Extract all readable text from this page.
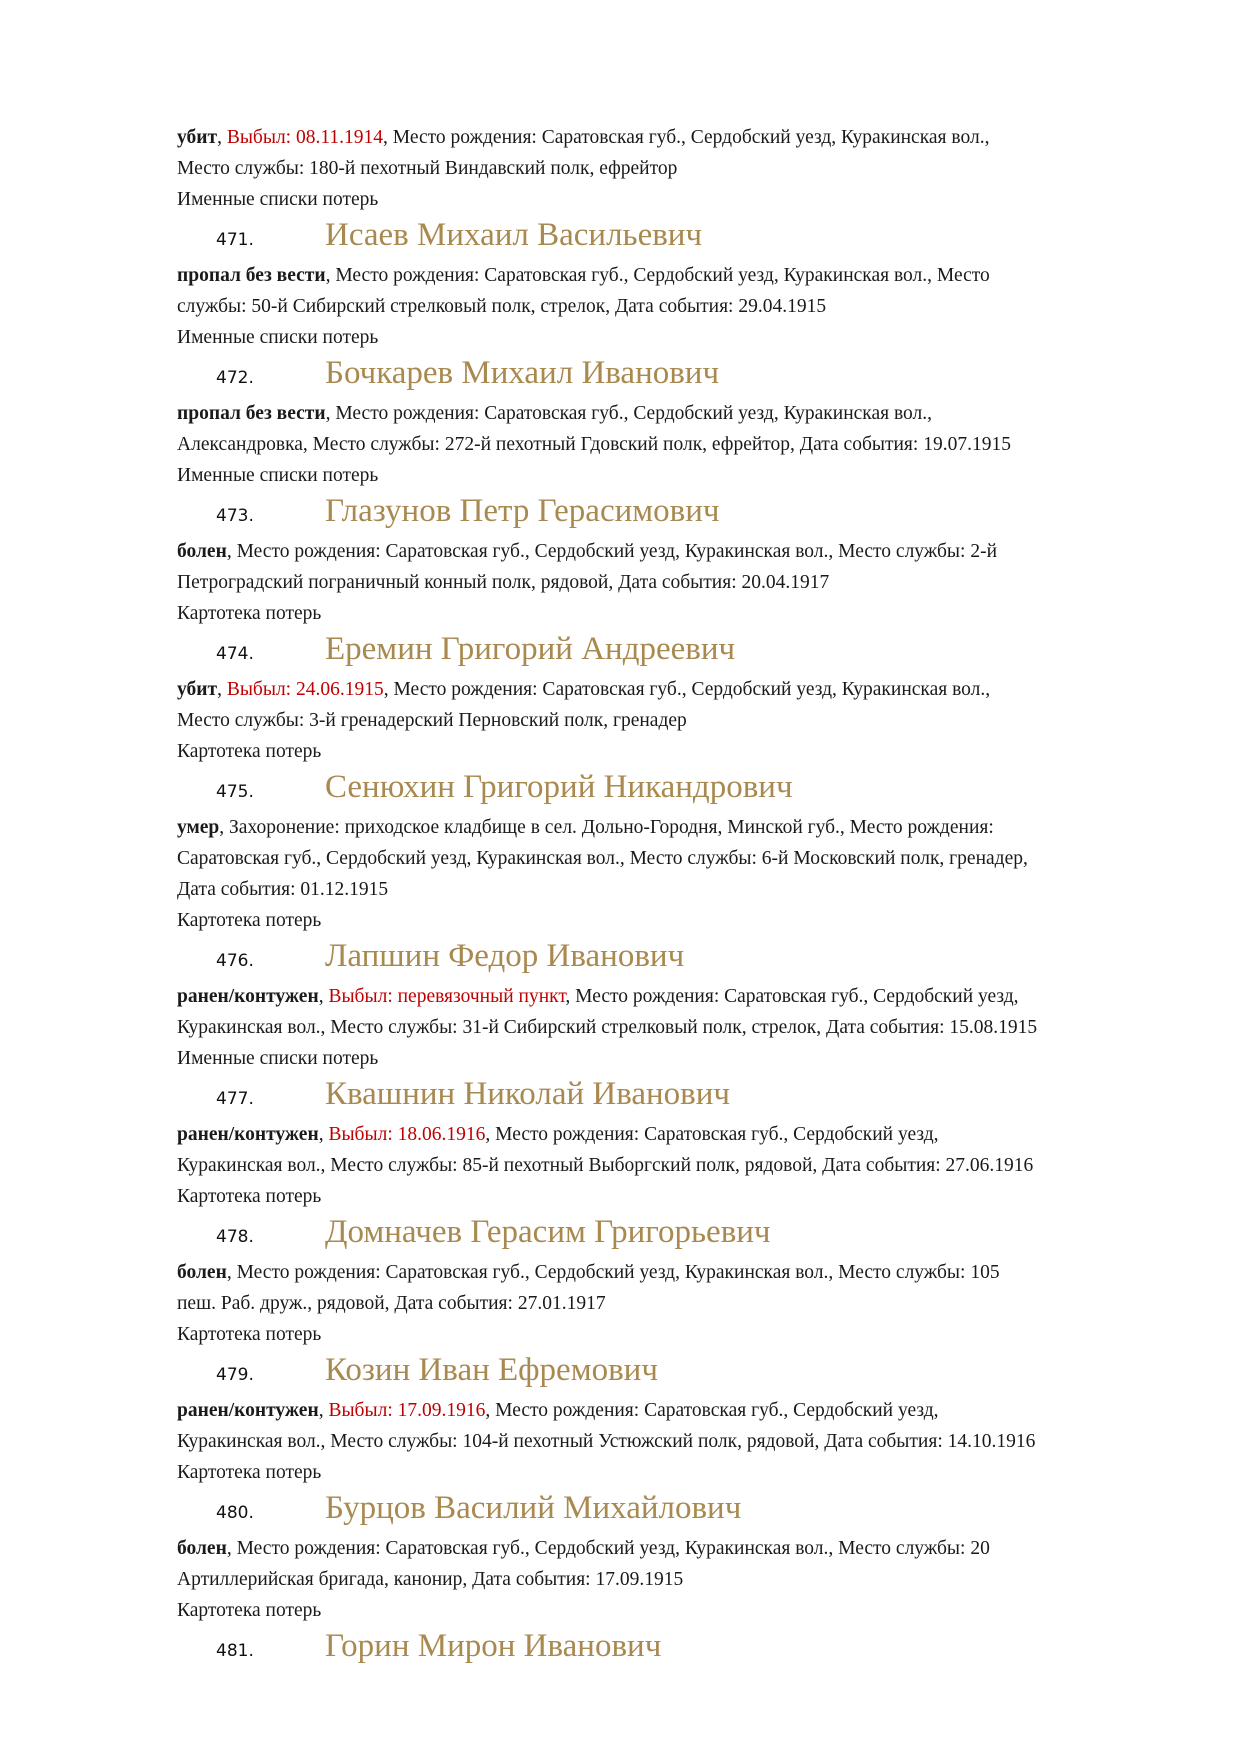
убит, Выбыл: 08.11.1914, Место рождения: Саратовская губ., Сердобский уезд, Куракинская вол.,
Место службы: 180-й пехотный Виндавский полк, ефрейтор
Именные списки потерь
471. Исаев Михаил Васильевич
пропал без вести, Место рождения: Саратовская губ., Сердобский уезд, Куракинская вол., Место
службы: 50-й Сибирский стрелковый полк, стрелок, Дата события: 29.04.1915
Именные списки потерь
472. Бочкарев Михаил Иванович
пропал без вести, Место рождения: Саратовская губ., Сердобский уезд, Куракинская вол.,
Александровка, Место службы: 272-й пехотный Гдовский полк, ефрейтор, Дата события: 19.07.1915
Именные списки потерь
473. Глазунов Петр Герасимович
болен, Место рождения: Саратовская губ., Сердобский уезд, Куракинская вол., Место службы: 2-й
Петроградский пограничный конный полк, рядовой, Дата события: 20.04.1917
Картотека потерь
474. Еремин Григорий Андреевич
убит, Выбыл: 24.06.1915, Место рождения: Саратовская губ., Сердобский уезд, Куракинская вол.,
Место службы: 3-й гренадерский Перновский полк, гренадер
Картотека потерь
475. Сенюхин Григорий Никандрович
умер, Захоронение: приходское кладбище в сел. Дольно-Городня, Минской губ., Место рождения:
Саратовская губ., Сердобский уезд, Куракинская вол., Место службы: 6-й Московский полк, гренадер,
Дата события: 01.12.1915
Картотека потерь
476. Лапшин Федор Иванович
ранен/контужен, Выбыл: перевязочный пункт, Место рождения: Саратовская губ., Сердобский уезд,
Куракинская вол., Место службы: 31-й Сибирский стрелковый полк, стрелок, Дата события: 15.08.1915
Именные списки потерь
477. Квашнин Николай Иванович
ранен/контужен, Выбыл: 18.06.1916, Место рождения: Саратовская губ., Сердобский уезд,
Куракинская вол., Место службы: 85-й пехотный Выборгский полк, рядовой, Дата события: 27.06.1916
Картотека потерь
478. Домначев Герасим Григорьевич
болен, Место рождения: Саратовская губ., Сердобский уезд, Куракинская вол., Место службы: 105
пеш. Раб. друж., рядовой, Дата события: 27.01.1917
Картотека потерь
479. Козин Иван Ефремович
ранен/контужен, Выбыл: 17.09.1916, Место рождения: Саратовская губ., Сердобский уезд,
Куракинская вол., Место службы: 104-й пехотный Устюжский полк, рядовой, Дата события: 14.10.1916
Картотека потерь
480. Бурцов Василий Михайлович
болен, Место рождения: Саратовская губ., Сердобский уезд, Куракинская вол., Место службы: 20
Артиллерийская бригада, канонир, Дата события: 17.09.1915
Картотека потерь
481. Горин Мирон Иванович
